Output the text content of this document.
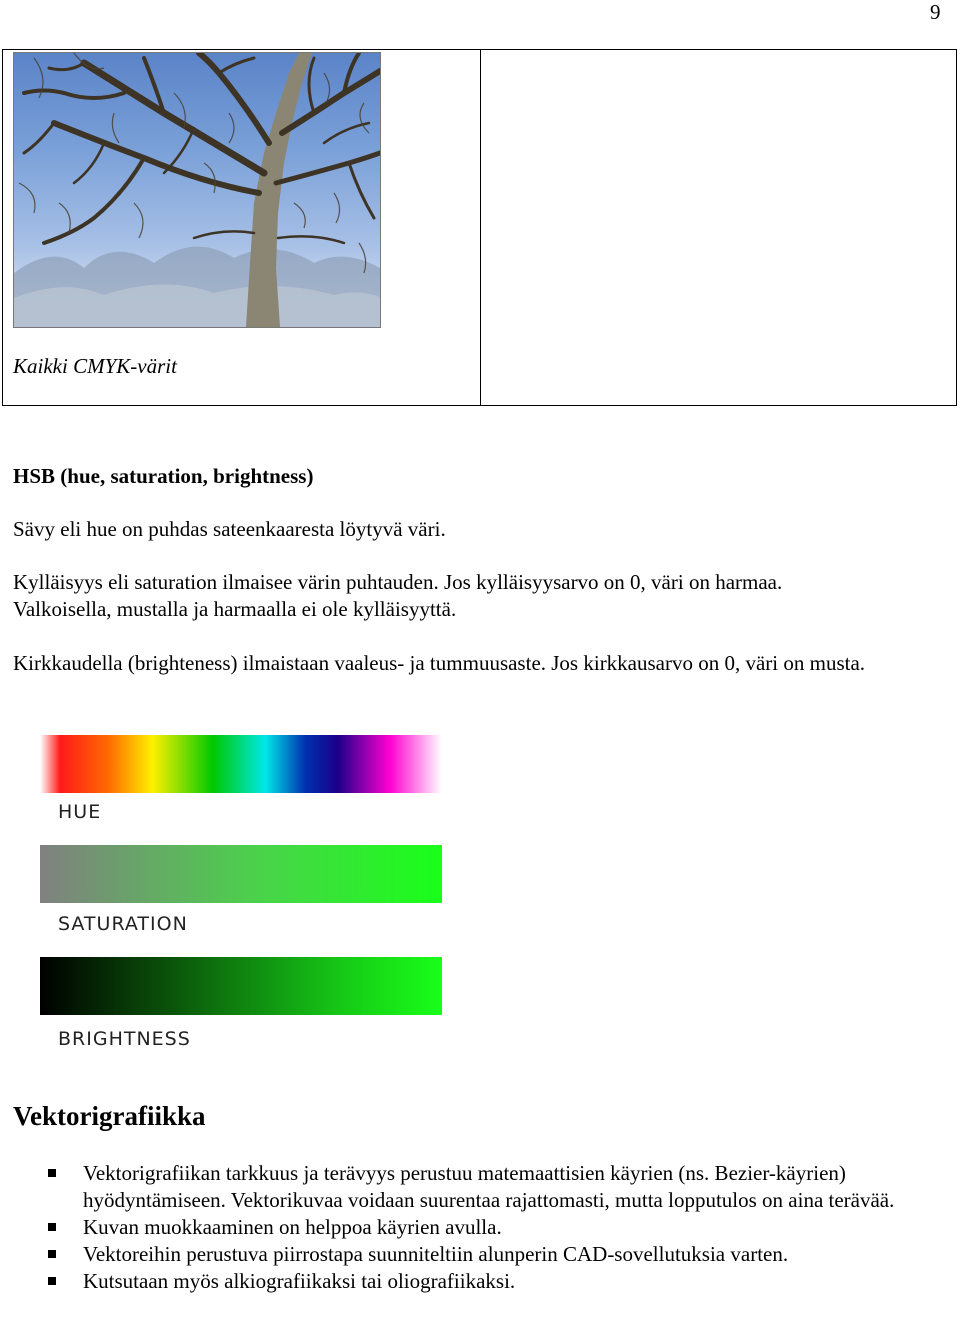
9
Kaikki CMYK-värit

HSB (hue, saturation, brightness)

Sävy eli hue on puhdas sateenkaaresta löytyvä väri.

Kylläisyys eli saturation ilmaisee värin puhtauden. Jos kylläisyysarvo on 0, väri on harmaa.

Valkoisella, mustalla ja harmaalla ei ole kylläisyyttä.

Kirkkaudella (brighteness) ilmaistaan vaaleus- ja tummuusaste. Jos kirkkausarvo on 0, väri on musta.

HUE
SATURATION
BRIGHTNESS
Vektorigrafiikka
Vektorigrafiikan tarkkuus ja terävyys perustuu matemaattisien käyrien (ns. Bezier-käyrien) hyödyntämiseen. Vektorikuvaa voidaan suurentaa rajattomasti, mutta lopputulos on aina terävää.
Kuvan muokkaaminen on helppoa käyrien avulla.
Vektoreihin perustuva piirrostapa suunniteltiin alunperin CAD-sovellutuksia varten.
Kutsutaan myös alkiografiikaksi tai oliografiikaksi.
